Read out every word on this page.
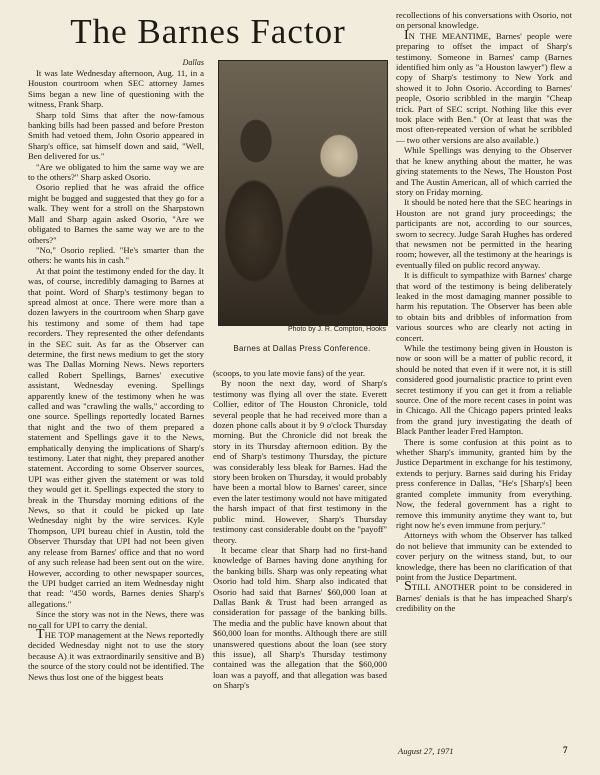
The Barnes Factor

Dallas

It was late Wednesday afternoon, Aug. 11, in a Houston courtroom when SEC attorney James Sims began a new line of questioning with the witness, Frank Sharp.

Sharp told Sims that after the now-famous banking bills had been passed and before Preston Smith had vetoed them, John Osorio appeared in Sharp's office, sat himself down and said, "Well, Ben delivered for us."

"Are we obligated to him the same way we are to the others?" Sharp asked Osorio.

Osorio replied that he was afraid the office might be bugged and suggested that they go for a walk. They went for a stroll on the Sharpstown Mall and Sharp again asked Osorio, "Are we obligated to Barnes the same way we are to the others?"

"No," Osorio replied. "He's smarter than the others: he wants his in cash."

At that point the testimony ended for the day. It was, of course, incredibly damaging to Barnes at that point. Word of Sharp's testimony began to spread almost at once. There were more than a dozen lawyers in the courtroom when Sharp gave his testimony and some of them had tape recorders. They represented the other defendants in the SEC suit. As far as the Observer can determine, the first news medium to get the story was The Dallas Morning News. News reporters called Robert Spellings, Barnes' executive assistant, Wednesday evening. Spellings apparently knew of the testimony when he was called and was "crawling the walls," according to one source. Spellings reportedly located Barnes that night and the two of them prepared a statement and Spellings gave it to the News, emphatically denying the implications of Sharp's testimony. Later that night, they prepared another statement. According to some Observer sources, UPI was either given the statement or was told they would get it. Spellings expected the story to break in the Thursday morning editions of the News, so that it could be picked up late Wednesday night by the wire services. Kyle Thompson, UPI bureau chief in Austin, told the Observer Thursday that UPI had not been given any release from Barnes' office and that no word of any such release had been sent out on the wire. However, according to other newspaper sources, the UPI budget carried an item Wednesday night that read: "450 words, Barnes denies Sharp's allegations."

Since the story was not in the News, there was no call for UPI to carry the denial.

THE TOP management at the News reportedly decided Wednesday night not to use the story because A) it was extraordinarily sensitive and B) the source of the story could not be identified. The News thus lost one of the biggest beats

Photo by J. R. Compton, Hooks
Barnes at Dallas Press Conference.

(scoops, to you late movie fans) of the year.

By noon the next day, word of Sharp's testimony was flying all over the state. Everett Collier, editor of The Houston Chronicle, told several people that he had received more than a dozen phone calls about it by 9 o'clock Thursday morning. But the Chronicle did not break the story in its Thursday afternoon edition. By the end of Sharp's testimony Thursday, the picture was considerably less bleak for Barnes. Had the story been broken on Thursday, it would probably have been a mortal blow to Barnes' career, since even the later testimony would not have mitigated the harsh impact of that first testimony in the public mind. However, Sharp's Thursday testimony cast considerable doubt on the "payoff" theory.

It became clear that Sharp had no first-hand knowledge of Barnes having done anything for the banking bills. Sharp was only repeating what Osorio had told him. Sharp also indicated that Osorio had said that Barnes' $60,000 loan at Dallas Bank & Trust had been arranged as consideration for passage of the banking bills. The media and the public have known about that $60,000 loan for months. Although there are still unanswered questions about the loan (see story this issue), all Sharp's Thursday testimony contained was the allegation that the $60,000 loan was a payoff, and that allegation was based on Sharp's

recollections of his conversations with Osorio, not on personal knowledge.

IN THE MEANTIME, Barnes' people were preparing to offset the impact of Sharp's testimony. Someone in Barnes' camp (Barnes identified him only as "a Houston lawyer") flew a copy of Sharp's testimony to New York and showed it to John Osorio. According to Barnes' people, Osorio scribbled in the margin "Cheap trick. Part of SEC script. Nothing like this ever took place with Ben." (Or at least that was the most often-repeated version of what he scribbled — two other versions are also available.)

While Spellings was denying to the Observer that he knew anything about the matter, he was giving statements to the News, The Houston Post and The Austin American, all of which carried the story on Friday morning.

It should be noted here that the SEC hearings in Houston are not grand jury proceedings; the participants are not, according to our sources, sworn to secrecy. Judge Sarah Hughes has ordered that newsmen not be permitted in the hearing room; however, all the testimony at the hearings is eventually filed on public record anyway.

It is difficult to sympathize with Barnes' charge that word of the testimony is being deliberately leaked in the most damaging manner possible to harm his reputation. The Observer has been able to obtain bits and dribbles of information from various sources who are clearly not acting in concert.

While the testimony being given in Houston is now or soon will be a matter of public record, it should be noted that even if it were not, it is still considered good journalistic practice to print even secret testimony if you can get it from a reliable source. One of the more recent cases in point was in Chicago. All the Chicago papers printed leaks from the grand jury investigating the death of Black Panther leader Fred Hampton.

There is some confusion at this point as to whether Sharp's immunity, granted him by the Justice Department in exchange for his testimony, extends to perjury. Barnes said during his Friday press conference in Dallas, "He's [Sharp's] been granted complete immunity from everything. Now, the federal government has a right to remove this immunity anytime they want to, but right now he's even immune from perjury."

Attorneys with whom the Observer has talked do not believe that immunity can be extended to cover perjury on the witness stand, but, to our knowledge, there has been no clarification of that point from the Justice Department.

STILL ANOTHER point to be considered in Barnes' denials is that he has impeached Sharp's credibility on the

August 27, 1971	7
